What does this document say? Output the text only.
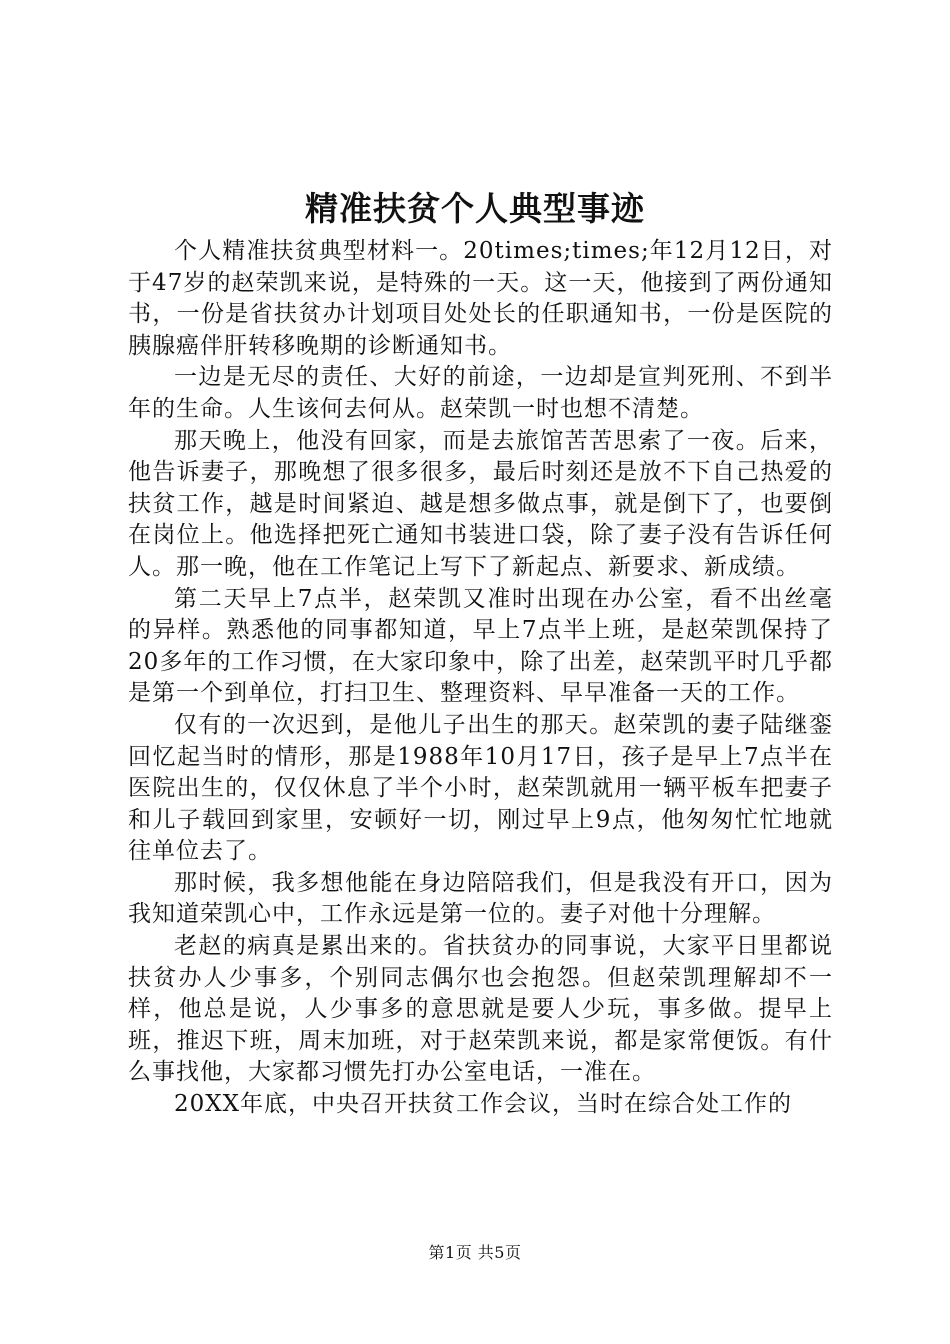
精准扶贫个人典型事迹

个人精准扶贫典型材料一。20times;times;年12月12日，对于47岁的赵荣凯来说，是特殊的一天。这一天，他接到了两份通知书，一份是省扶贫办计划项目处处长的任职通知书，一份是医院的胰腺癌伴肝转移晚期的诊断通知书。

一边是无尽的责任、大好的前途，一边却是宣判死刑、不到半年的生命。人生该何去何从。赵荣凯一时也想不清楚。

那天晚上，他没有回家，而是去旅馆苦苦思索了一夜。后来，他告诉妻子，那晚想了很多很多，最后时刻还是放不下自己热爱的扶贫工作，越是时间紧迫、越是想多做点事，就是倒下了，也要倒在岗位上。他选择把死亡通知书装进口袋，除了妻子没有告诉任何人。那一晚，他在工作笔记上写下了新起点、新要求、新成绩。

第二天早上7点半，赵荣凯又准时出现在办公室，看不出丝毫的异样。熟悉他的同事都知道，早上7点半上班，是赵荣凯保持了20多年的工作习惯，在大家印象中，除了出差，赵荣凯平时几乎都是第一个到单位，打扫卫生、整理资料、早早准备一天的工作。

仅有的一次迟到，是他儿子出生的那天。赵荣凯的妻子陆继銮回忆起当时的情形，那是1988年10月17日，孩子是早上7点半在医院出生的，仅仅休息了半个小时，赵荣凯就用一辆平板车把妻子和儿子载回到家里，安顿好一切，刚过早上9点，他匆匆忙忙地就往单位去了。

那时候，我多想他能在身边陪陪我们，但是我没有开口，因为我知道荣凯心中，工作永远是第一位的。妻子对他十分理解。

老赵的病真是累出来的。省扶贫办的同事说，大家平日里都说扶贫办人少事多，个别同志偶尔也会抱怨。但赵荣凯理解却不一样，他总是说，人少事多的意思就是要人少玩，事多做。提早上班，推迟下班，周末加班，对于赵荣凯来说，都是家常便饭。有什么事找他，大家都习惯先打办公室电话，一准在。

20XX年底，中央召开扶贫工作会议，当时在综合处工作的

第1页 共5页
